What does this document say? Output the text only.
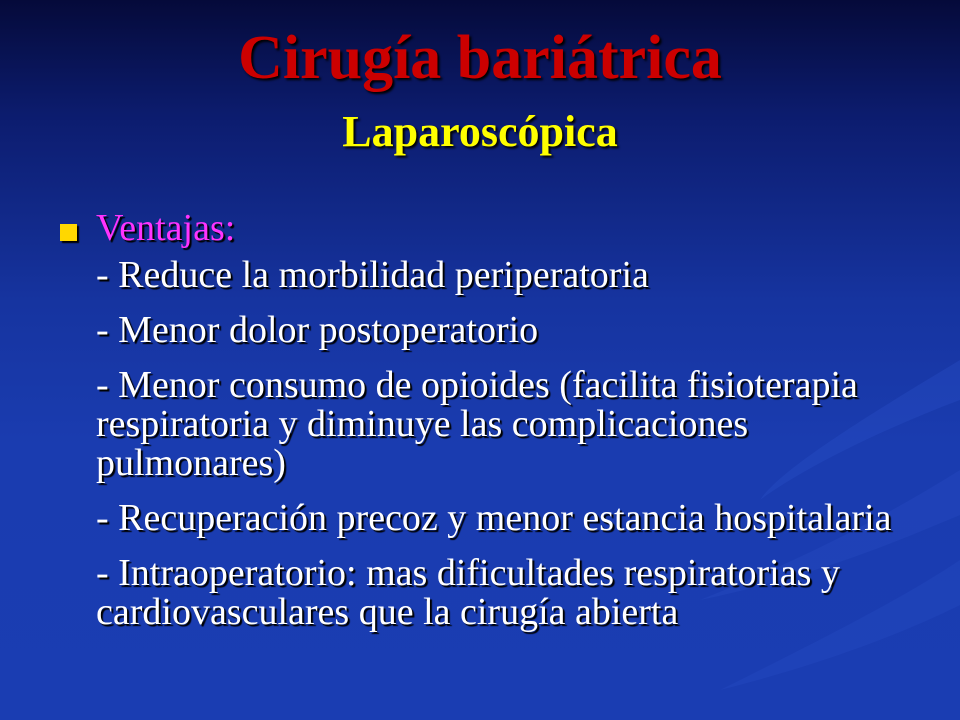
Cirugía bariátrica
Laparoscópica
Ventajas:
- Reduce la morbilidad periperatoria
- Menor dolor postoperatorio
- Menor consumo de opioides (facilita fisioterapia respiratoria y diminuye las complicaciones pulmonares)
- Recuperación precoz y menor estancia hospitalaria
- Intraoperatorio: mas dificultades respiratorias y cardiovasculares que la cirugía abierta
